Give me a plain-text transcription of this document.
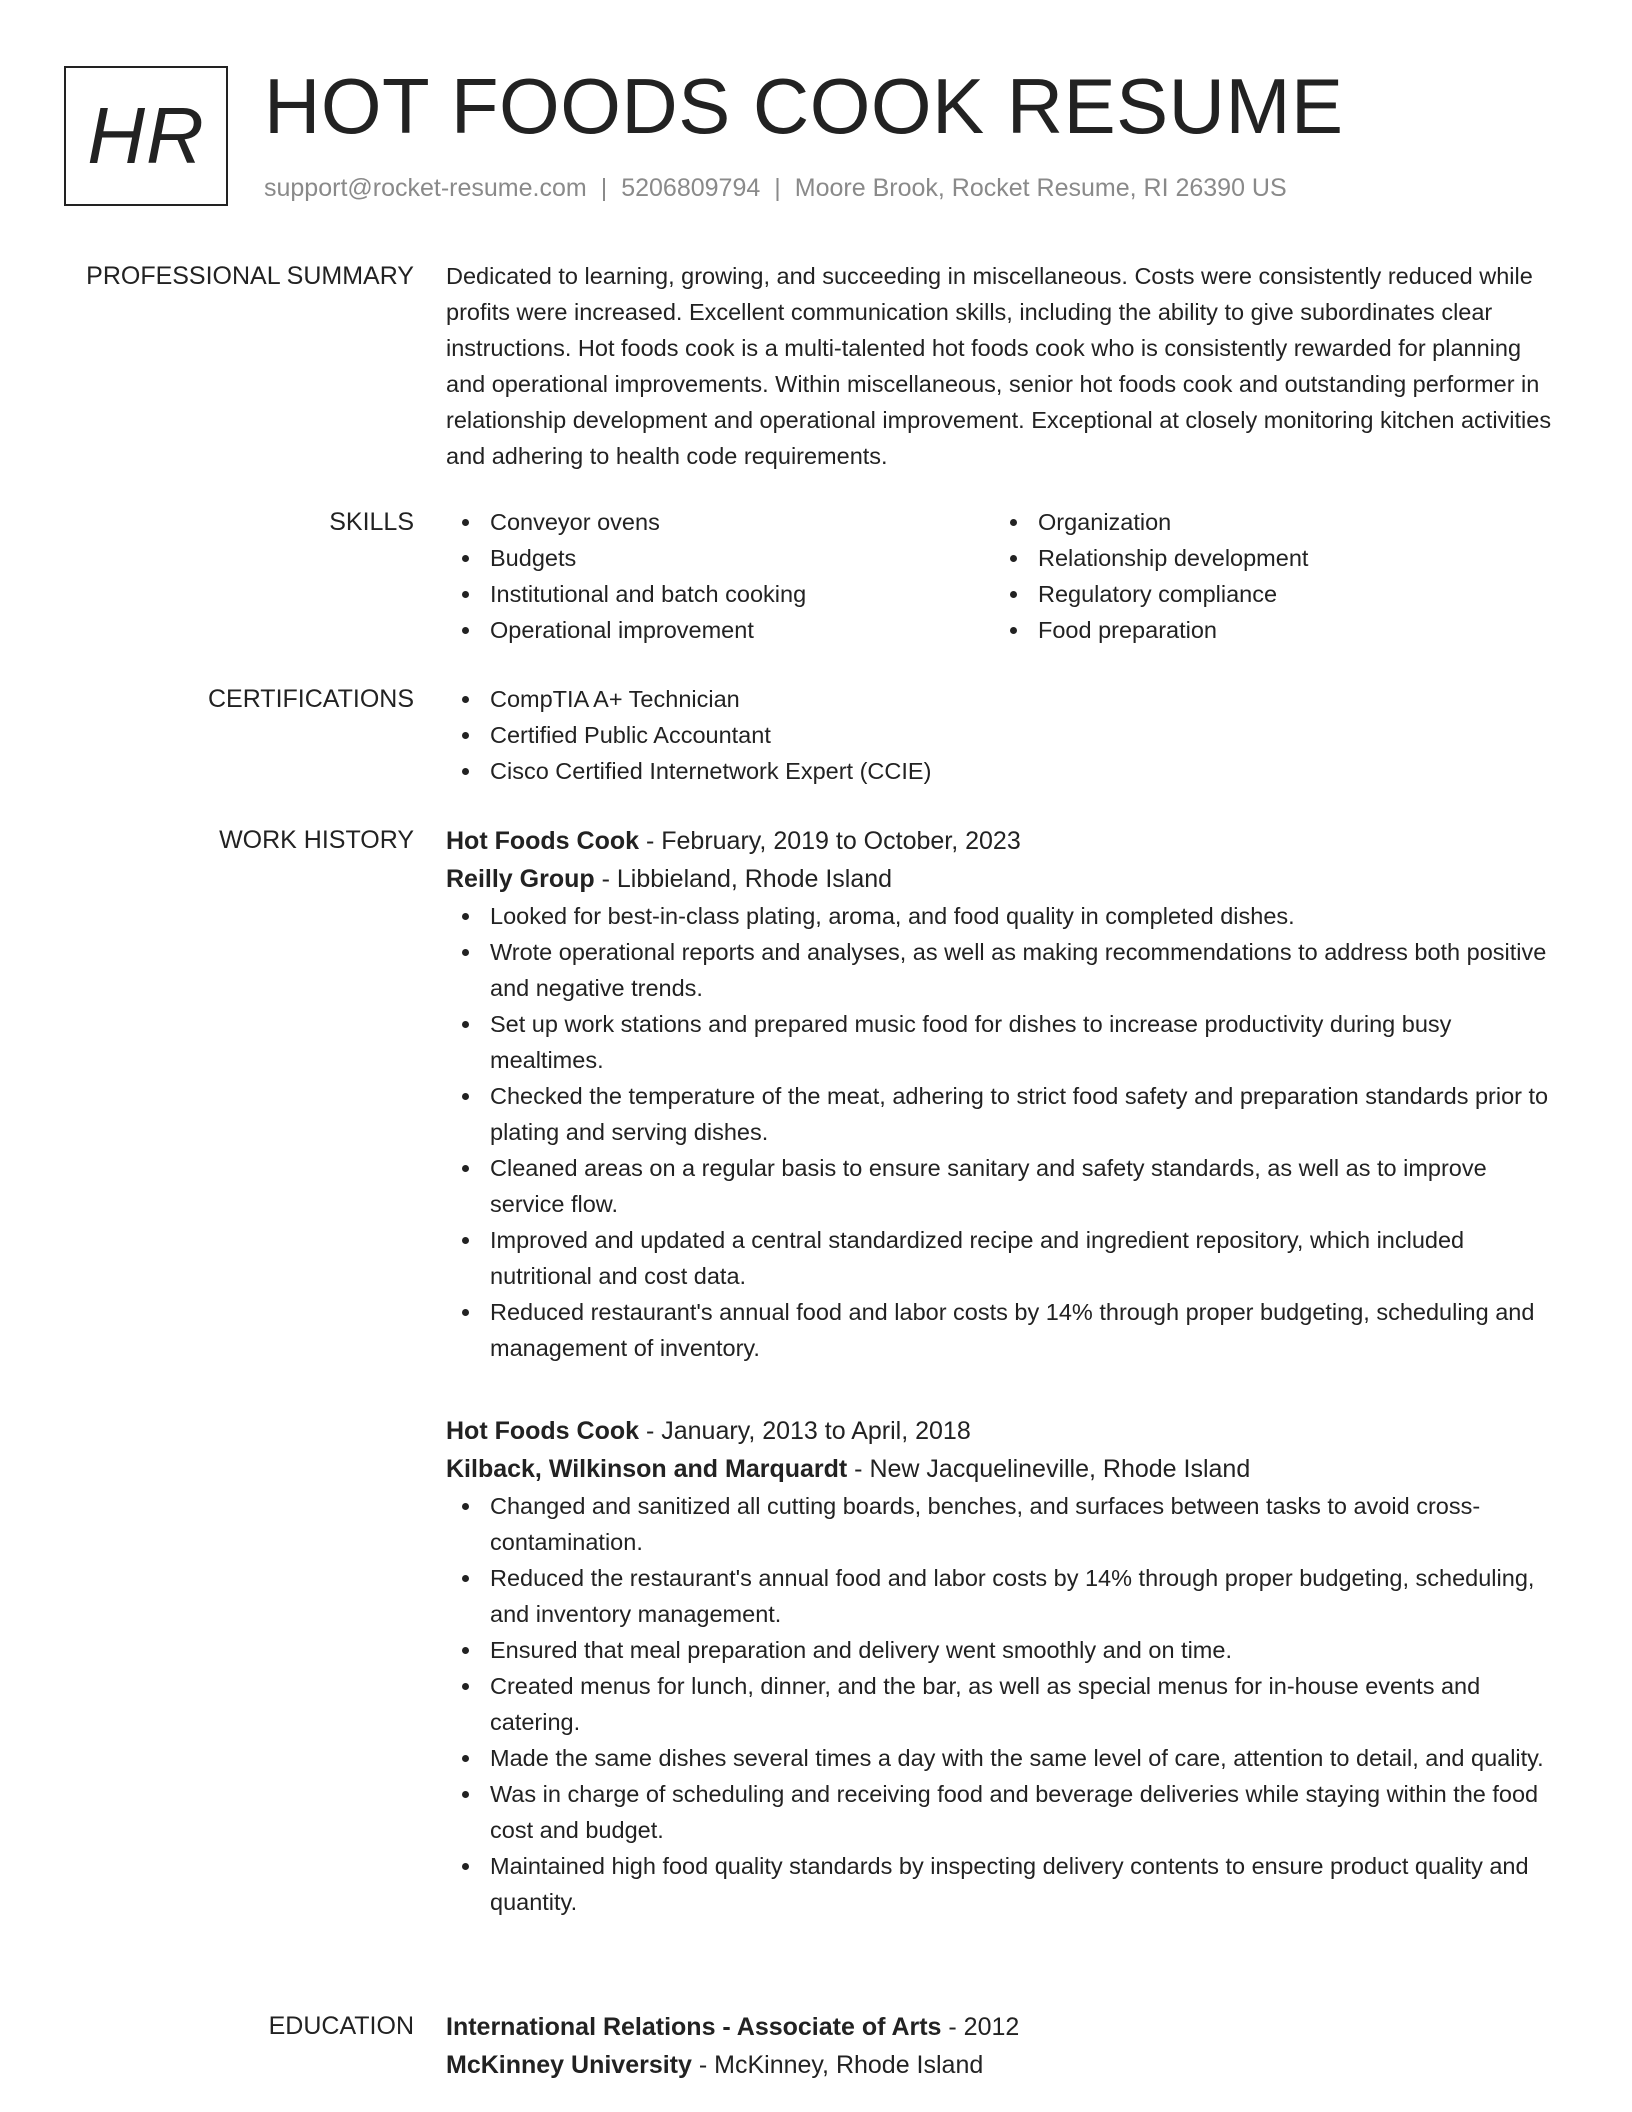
HR HOT FOODS COOK RESUME
support@rocket-resume.com | 5206809794 | Moore Brook, Rocket Resume, RI 26390 US
PROFESSIONAL SUMMARY Dedicated to learning, growing, and succeeding in miscellaneous. Costs were consistently reduced while profits were increased. Excellent communication skills, including the ability to give subordinates clear instructions. Hot foods cook is a multi-talented hot foods cook who is consistently rewarded for planning and operational improvements. Within miscellaneous, senior hot foods cook and outstanding performer in relationship development and operational improvement. Exceptional at closely monitoring kitchen activities and adhering to health code requirements.

SKILLS	Conveyor ovens	Organization
Budgets	Relationship development
Institutional and batch cooking	Regulatory compliance
Operational improvement	Food preparation
CERTIFICATIONS	CompTIA A+ Technician
Certified Public Accountant
Cisco Certified Internetwork Expert (CCIE)
WORK HISTORY Hot Foods Cook - February, 2019 to October, 2023
Reilly Group - Libbieland, Rhode Island
Looked for best-in-class plating, aroma, and food quality in completed dishes.
Wrote operational reports and analyses, as well as making recommendations to address both positive and negative trends.
Set up work stations and prepared music food for dishes to increase productivity during busy mealtimes.
Checked the temperature of the meat, adhering to strict food safety and preparation standards prior to plating and serving dishes.
Cleaned areas on a regular basis to ensure sanitary and safety standards, as well as to improve service flow.
Improved and updated a central standardized recipe and ingredient repository, which included nutritional and cost data.
Reduced restaurant's annual food and labor costs by 14% through proper budgeting, scheduling and management of inventory.
Hot Foods Cook - January, 2013 to April, 2018
Kilback, Wilkinson and Marquardt - New Jacquelineville, Rhode Island
Changed and sanitized all cutting boards, benches, and surfaces between tasks to avoid cross-contamination.
Reduced the restaurant's annual food and labor costs by 14% through proper budgeting, scheduling, and inventory management.
Ensured that meal preparation and delivery went smoothly and on time.
Created menus for lunch, dinner, and the bar, as well as special menus for in-house events and catering.
Made the same dishes several times a day with the same level of care, attention to detail, and quality.
Was in charge of scheduling and receiving food and beverage deliveries while staying within the food cost and budget.
Maintained high food quality standards by inspecting delivery contents to ensure product quality and quantity.
EDUCATION International Relations - Associate of Arts - 2012
McKinney University - McKinney, Rhode Island
